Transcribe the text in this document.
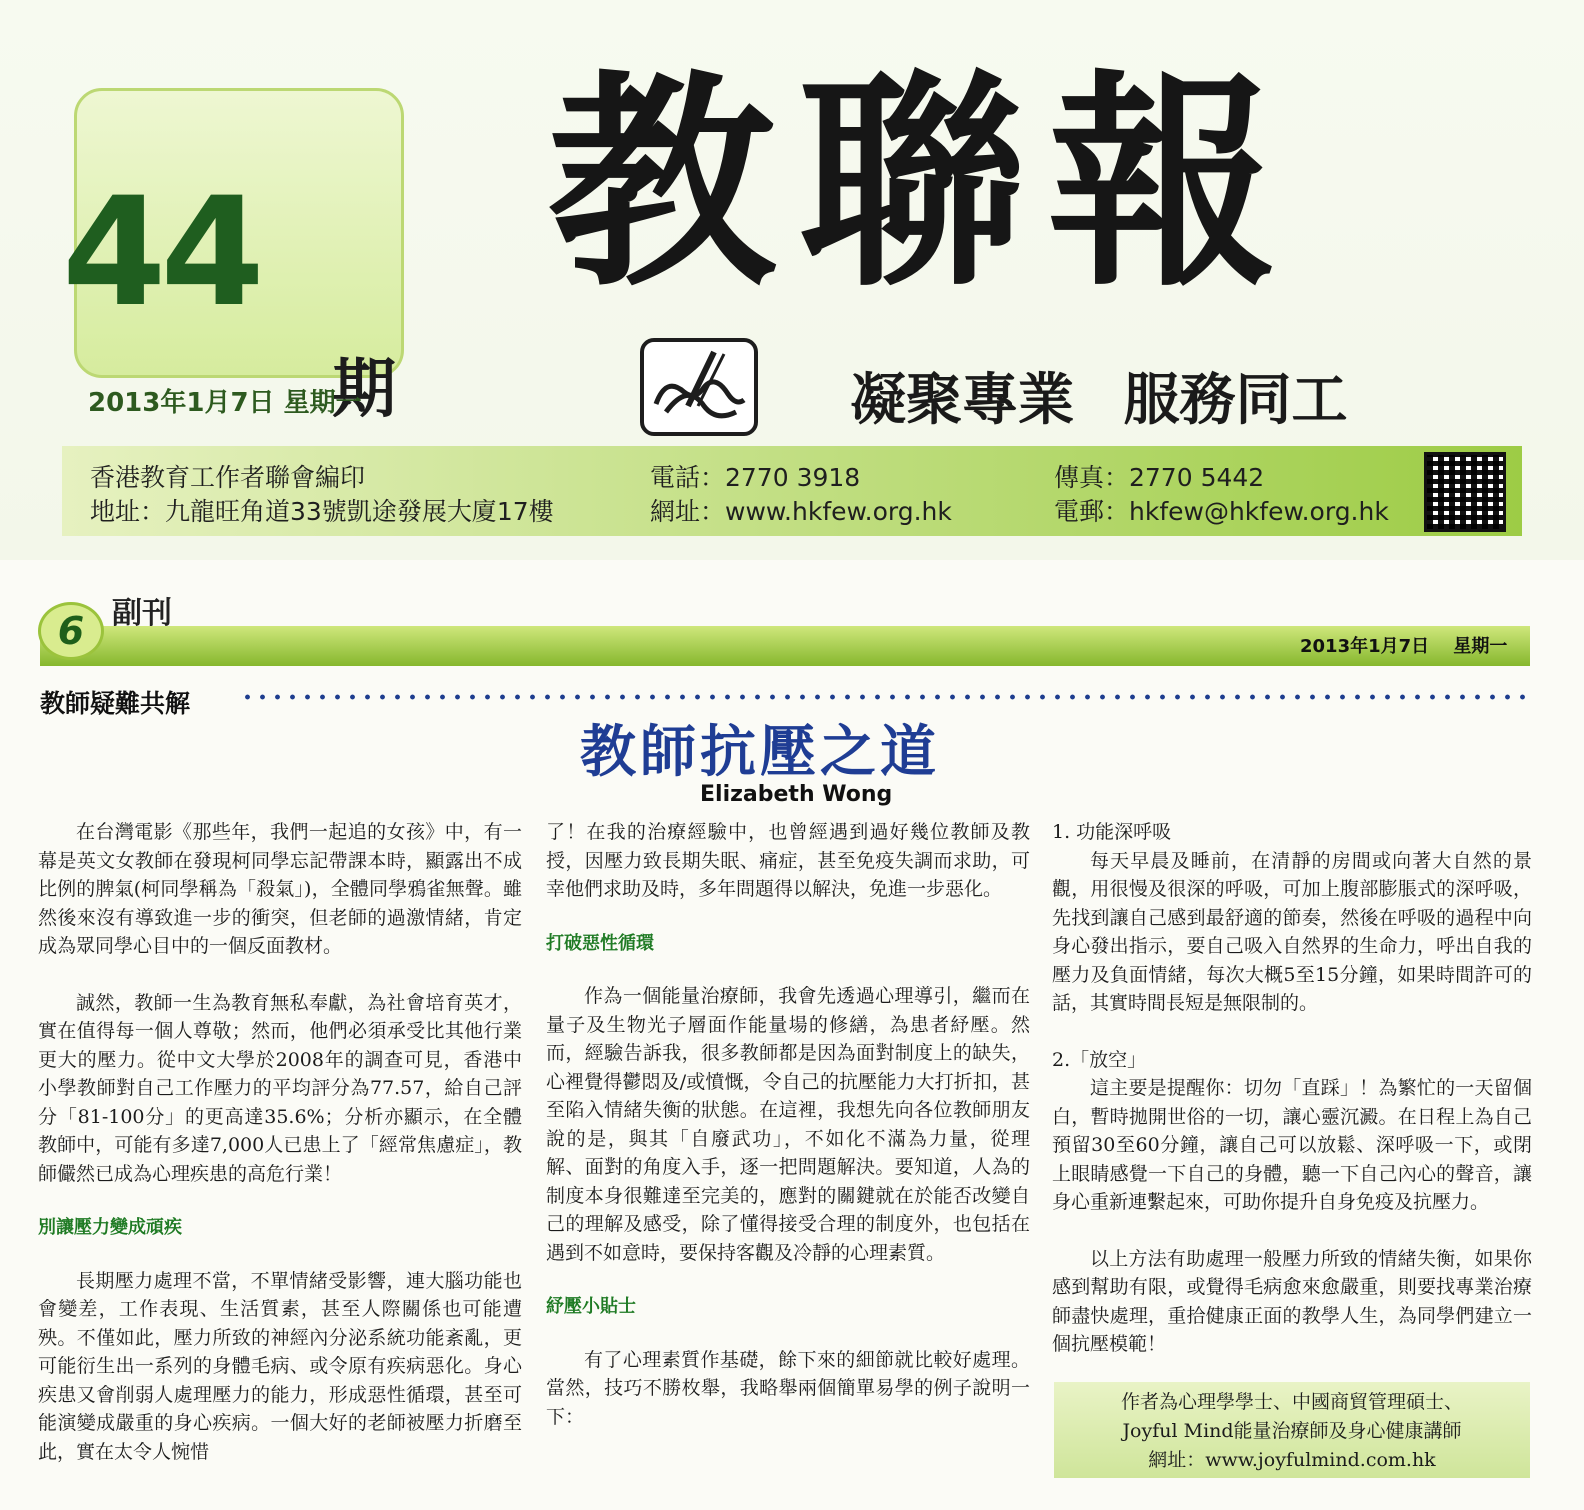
44
期
2013年1月7日 星期一
教聯報
凝聚專業 服務同工
香港教育工作者聯會編印
地址：九龍旺角道33號凱途發展大廈17樓
電話：2770 3918
網址：www.hkfew.org.hk
傳真：2770 5442
電郵：hkfew@hkfew.org.hk
6 副刊
2013年1月7日 星期一
教師疑難共解
教師抗壓之道
Elizabeth Wong

在台灣電影《那些年，我們一起追的女孩》中，有一幕是英文女教師在發現柯同學忘記帶課本時，顯露出不成比例的脾氣(柯同學稱為「殺氣」)，全體同學鴉雀無聲。雖然後來沒有導致進一步的衝突，但老師的過激情緒，肯定成為眾同學心目中的一個反面教材。

誠然，教師一生為教育無私奉獻，為社會培育英才，實在值得每一個人尊敬；然而，他們必須承受比其他行業更大的壓力。從中文大學於2008年的調查可見，香港中小學教師對自己工作壓力的平均評分為77.57，給自己評分「81-100分」的更高達35.6%；分析亦顯示，在全體教師中，可能有多達7,000人已患上了「經常焦慮症」，教師儼然已成為心理疾患的高危行業！

別讓壓力變成頑疾

長期壓力處理不當，不單情緒受影響，連大腦功能也會變差，工作表現、生活質素，甚至人際關係也可能遭殃。不僅如此，壓力所致的神經內分泌系統功能紊亂，更可能衍生出一系列的身體毛病、或令原有疾病惡化。身心疾患又會削弱人處理壓力的能力，形成惡性循環，甚至可能演變成嚴重的身心疾病。一個大好的老師被壓力折磨至此，實在太令人惋惜

了！在我的治療經驗中，也曾經遇到過好幾位教師及教授，因壓力致長期失眠、痛症，甚至免疫失調而求助，可幸他們求助及時，多年問題得以解決，免進一步惡化。

打破惡性循環

作為一個能量治療師，我會先透過心理導引，繼而在量子及生物光子層面作能量場的修繕，為患者紓壓。然而，經驗告訴我，很多教師都是因為面對制度上的缺失，心裡覺得鬱悶及/或憤慨，令自己的抗壓能力大打折扣，甚至陷入情緒失衡的狀態。在這裡，我想先向各位教師朋友說的是，與其「自廢武功」，不如化不滿為力量，從理解、面對的角度入手，逐一把問題解決。要知道，人為的制度本身很難達至完美的，應對的關鍵就在於能否改變自己的理解及感受，除了懂得接受合理的制度外，也包括在遇到不如意時，要保持客觀及冷靜的心理素質。

紓壓小貼士

有了心理素質作基礎，餘下來的細節就比較好處理。當然，技巧不勝枚舉，我略舉兩個簡單易學的例子說明一下：

1. 功能深呼吸

每天早晨及睡前，在清靜的房間或向著大自然的景觀，用很慢及很深的呼吸，可加上腹部膨脹式的深呼吸，先找到讓自己感到最舒適的節奏，然後在呼吸的過程中向身心發出指示，要自己吸入自然界的生命力，呼出自我的壓力及負面情緒，每次大概5至15分鐘，如果時間許可的話，其實時間長短是無限制的。

2.「放空」

這主要是提醒你：切勿「直踩」！為繁忙的一天留個白，暫時拋開世俗的一切，讓心靈沉澱。在日程上為自己預留30至60分鐘，讓自己可以放鬆、深呼吸一下，或閉上眼睛感覺一下自己的身體，聽一下自己內心的聲音，讓身心重新連繫起來，可助你提升自身免疫及抗壓力。

以上方法有助處理一般壓力所致的情緒失衡，如果你感到幫助有限，或覺得毛病愈來愈嚴重，則要找專業治療師盡快處理，重拾健康正面的教學人生，為同學們建立一個抗壓模範！

作者為心理學學士、中國商貿管理碩士、
Joyful Mind能量治療師及身心健康講師
網址：www.joyfulmind.com.hk
